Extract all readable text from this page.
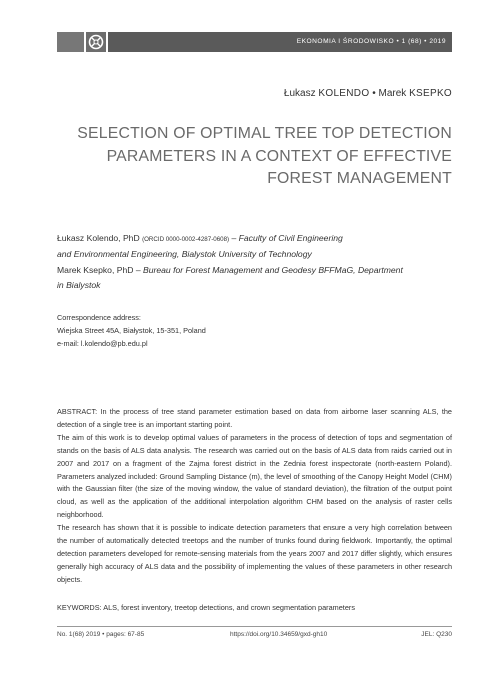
EKONOMIA I ŚRODOWISKO • 1 (68) • 2019
Łukasz KOLENDO • Marek KSEPKO
SELECTION OF OPTIMAL TREE TOP DETECTION
PARAMETERS IN A CONTEXT OF EFFECTIVE
FOREST MANAGEMENT
Łukasz Kolendo, PhD (ORCID 0000-0002-4287-0608) – Faculty of Civil Engineering
and Environmental Engineering, Bialystok University of Technology
Marek Ksepko, PhD – Bureau for Forest Management and Geodesy BFFMaG, Department
in Bialystok
Correspondence address:
Wiejska Street 45A, Białystok, 15-351, Poland
e-mail: l.kolendo@pb.edu.pl

ABSTRACT: In the process of tree stand parameter estimation based on data from airborne laser scanning ALS, the detection of a single tree is an important starting point.

The aim of this work is to develop optimal values of parameters in the process of detection of tops and segmentation of stands on the basis of ALS data analysis. The research was carried out on the basis of ALS data from raids carried out in 2007 and 2017 on a fragment of the Zajma forest district in the Zednia forest inspectorate (north-eastern Poland). Parameters analyzed included: Ground Sampling Distance (m), the level of smoothing of the Canopy Height Model (CHM) with the Gaussian filter (the size of the moving window, the value of standard deviation), the filtration of the output point cloud, as well as the application of the additional interpolation algorithm CHM based on the analysis of raster cells neighborhood.

The research has shown that it is possible to indicate detection parameters that ensure a very high correlation between the number of automatically detected treetops and the number of trunks found during fieldwork. Importantly, the optimal detection parameters developed for remote-sensing materials from the years 2007 and 2017 differ slightly, which ensures generally high accuracy of ALS data and the possibility of implementing the values of these parameters in other research objects.

KEYWORDS: ALS, forest inventory, treetop detections, and crown segmentation parameters
No. 1(68) 2019 • pages: 67-85	https://doi.org/10.34659/gxd-gh10	JEL: Q230
